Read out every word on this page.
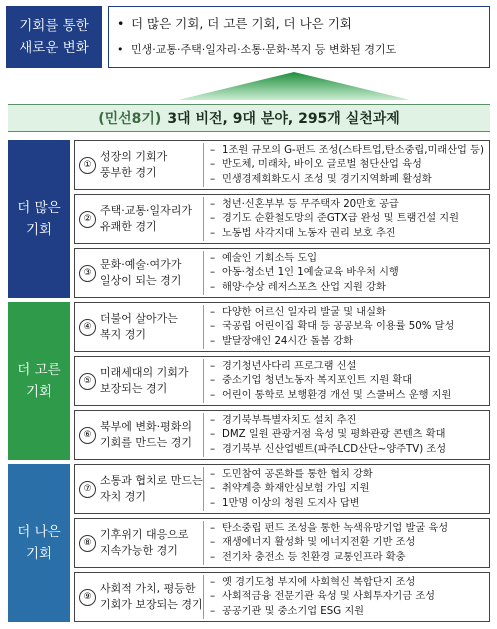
기회를 통한
새로운 변화
• 더 많은 기회, 더 고른 기회, 더 나은 기회
• 민생·교통·주택·일자리·소통·문화·복지 등 변화된 경기도
(민선8기) 3대 비전, 9대 분야, 295개 실천과제
더 많은
기회
①
성장의 기회가
풍부한 경기
– 1조원 규모의 G-펀드 조성(스타트업,탄소중립,미래산업 등)
– 반도체, 미래차, 바이오 글로벌 첨단산업 육성
– 민생경제회화도시 조성 및 경기지역화폐 활성화
②
주택·교통·일자리가
유쾌한 경기
– 청년·신혼부부 등 무주택자 20만호 공급
– 경기도 순환철도망의 준GTX급 완성 및 트램건설 지원
– 노동법 사각지대 노동자 권리 보호 추진
③
문화·예술·여가가
일상이 되는 경기
– 예술인 기회소득 도입
– 아동·청소년 1인 1예술교육 바우처 시행
– 해양·수상 레저스포츠 산업 지원 강화
더 고른
기회
④
더불어 살아가는
복지 경기
– 다양한 어르신 일자리 발굴 및 내실화
– 국공립 어린이집 확대 등 공공보육 이용률 50% 달성
– 발달장애인 24시간 돌봄 강화
⑤
미래세대의 기회가
보장되는 경기
– 경기청년사다리 프로그램 신설
– 중소기업 청년노동자 복지포인트 지원 확대
– 어린이 통학로 보행환경 개선 및 스쿨버스 운행 지원
⑥
북부에 변화·평화의
기회를 만드는 경기
– 경기북부특별자치도 설치 추진
– DMZ 일원 관광거점 육성 및 평화관광 콘텐츠 확대
– 경기북부 신산업벨트(파주LCD산단~양주TV) 조성
더 나은
기회
⑦
소통과 협치로 만드는
자치 경기
– 도민참여 공론화를 통한 협치 강화
– 취약계층 화재안심보험 가입 지원
– 1만명 이상의 청원 도지사 답변
⑧
기후위기 대응으로
지속가능한 경기
– 탄소중립 펀드 조성을 통한 녹색유망기업 발굴 육성
– 재생에너지 활성화 및 에너지전환 기반 조성
– 전기차 충전소 등 친환경 교통인프라 확충
⑨
사회적 가치, 평등한
기회가 보장되는 경기
– 옛 경기도청 부지에 사회혁신 복합단지 조성
– 사회적금융 전문기관 육성 및 사회투자기금 조성
– 공공기관 및 중소기업 ESG 지원
